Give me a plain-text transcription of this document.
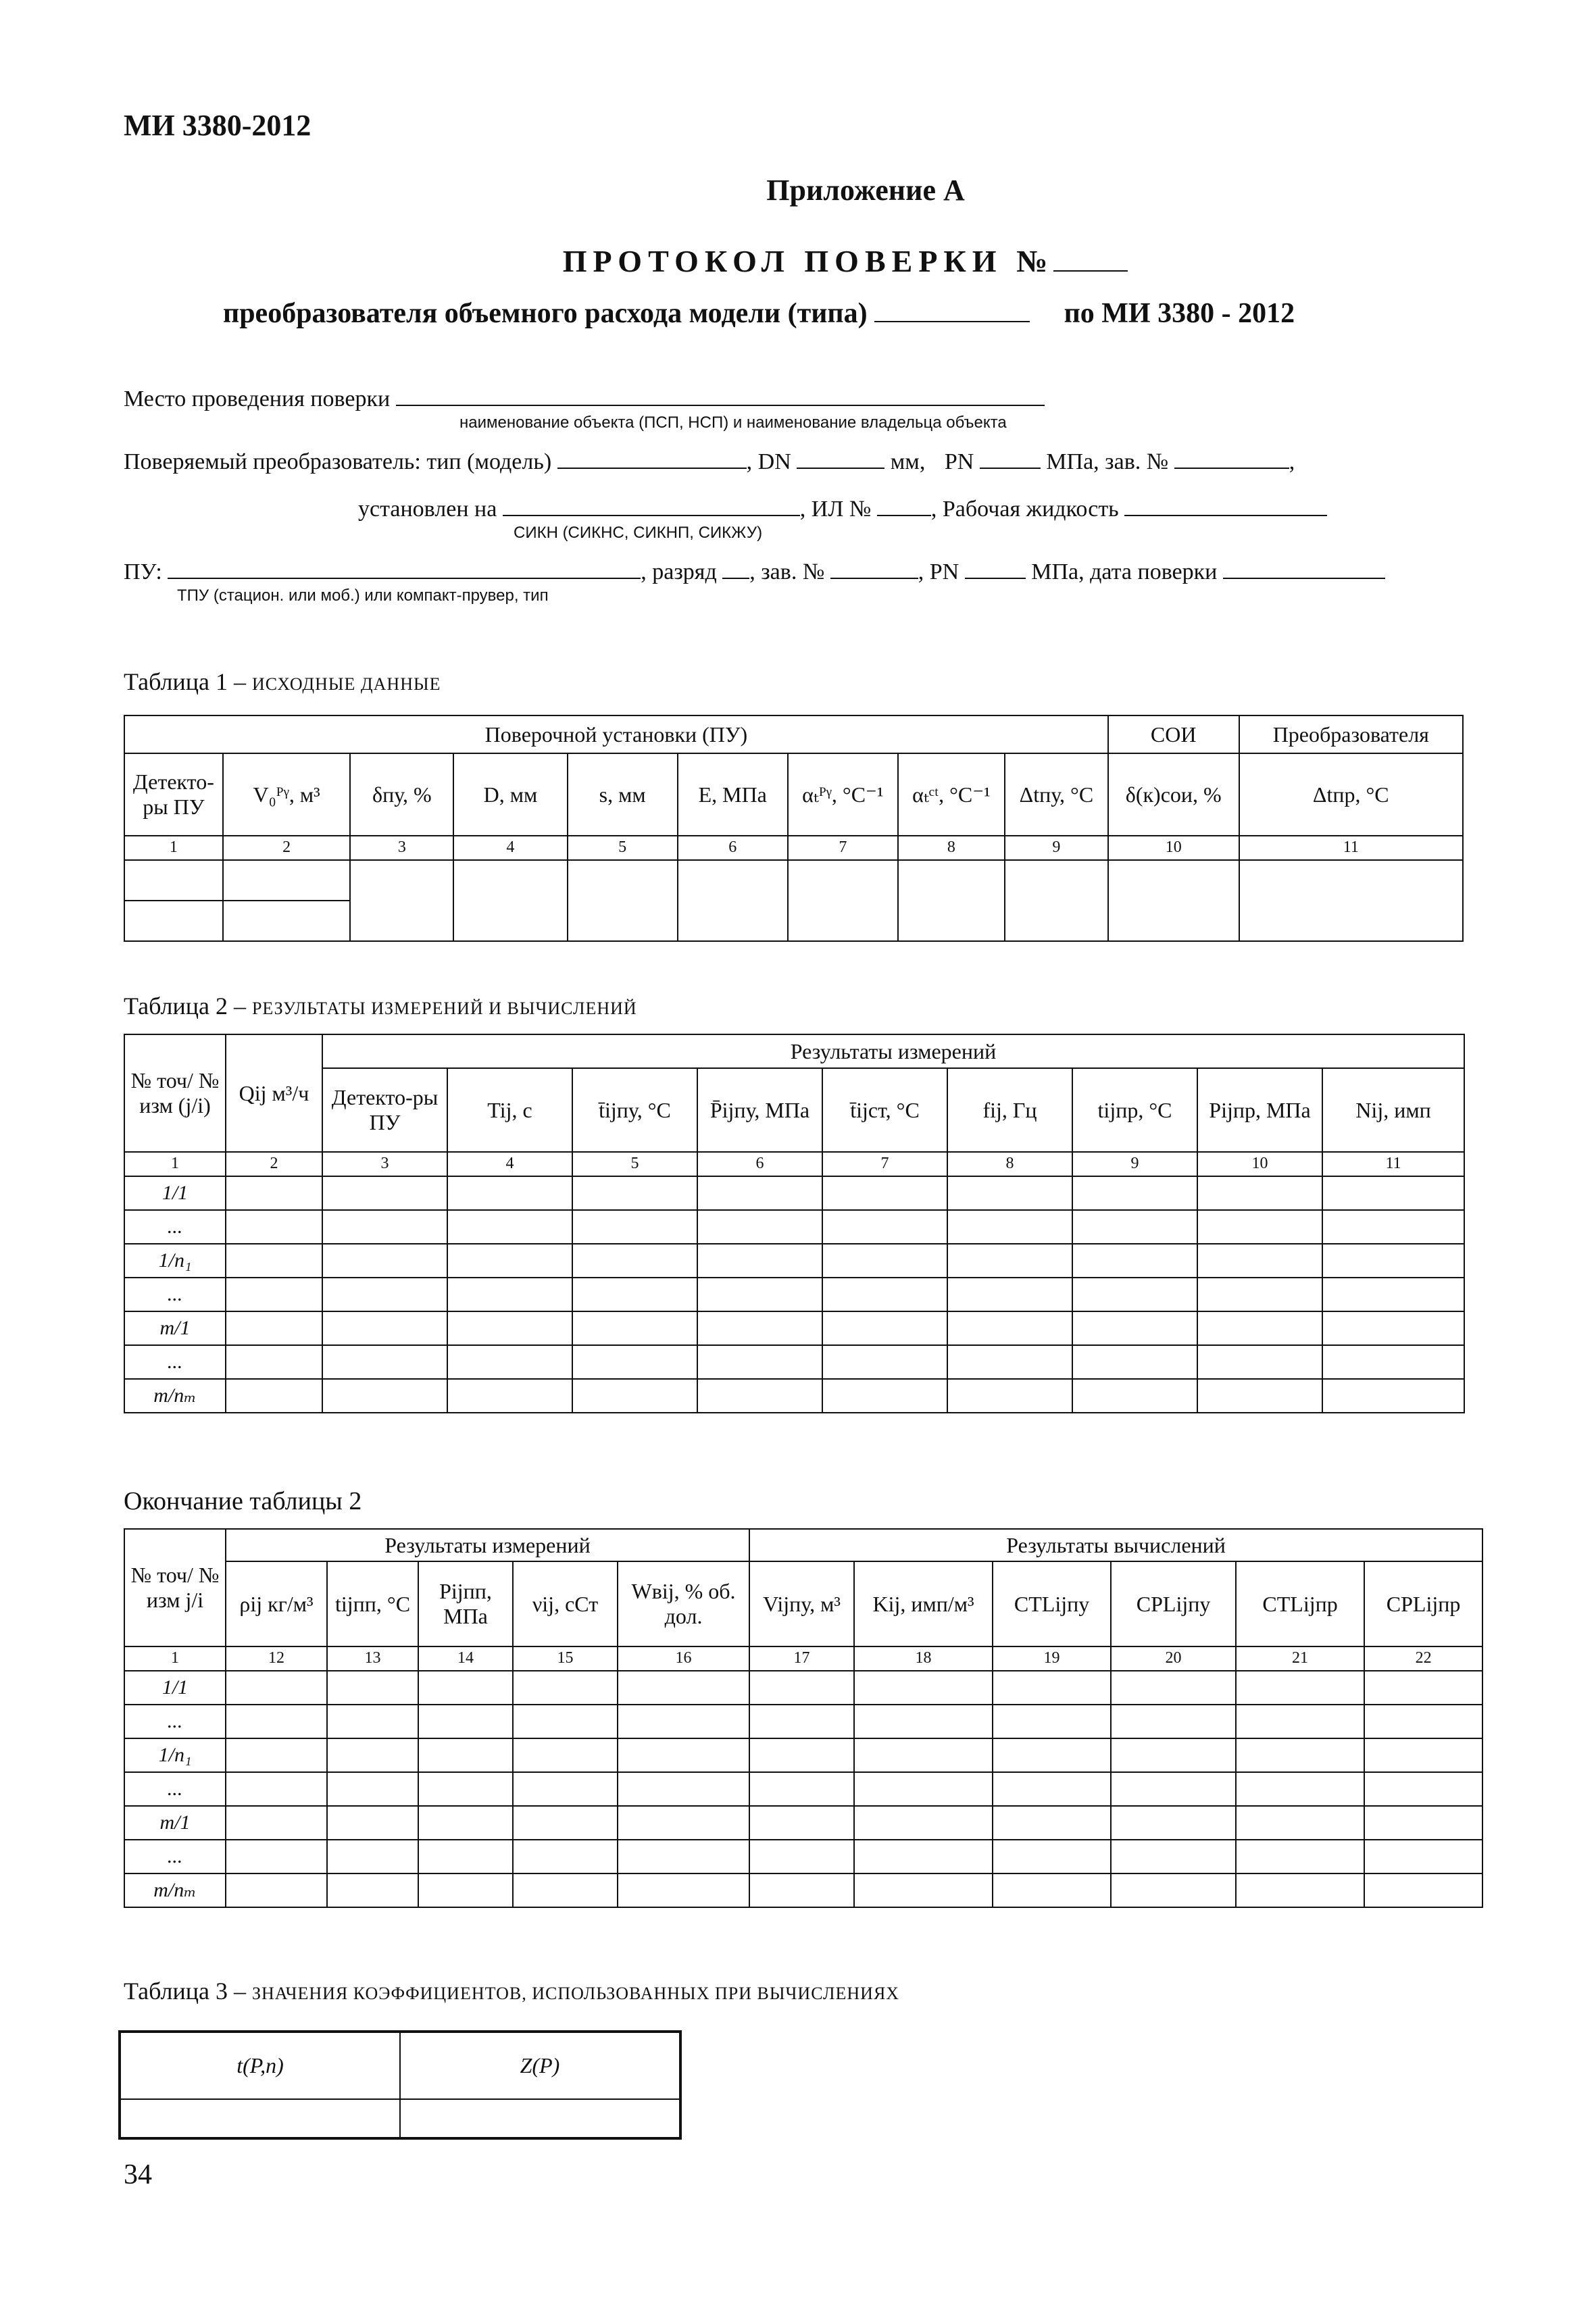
МИ 3380-2012
Приложение А
ПРОТОКОЛ ПОВЕРКИ №
преобразователя объемного расхода модели (типа)	по МИ 3380 - 2012
Место проведения поверки
наименование объекта (ПСП, НСП) и наименование владельца объекта
Поверяемый преобразователь: тип (модель)	, DN	мм, PN	МПа, зав. №	,
установлен на	, ИЛ №	, Рабочая жидкость
СИКН (СИКНС, СИКНП, СИКЖУ)
ПУ:	, разряд , зав. №	, PN	МПа, дата поверки
ТПУ (стацион. или моб.) или компакт-прувер, тип
Таблица 1 – ИСХОДНЫЕ ДАННЫЕ
Поверочной установки (ПУ)									СОИ	Преобразователя
Детекто-ры ПУ	V₀ᴾᵞ, м³	δпу, %	D, мм	s, мм	E, МПа	αₜᴾᵞ, °C⁻¹	αₜᶜᵗ, °C⁻¹	Δtпу, °C	δ(к)сои, %	Δtпр, °C
1	2	3	4	5	6	7	8	9	10	11

Таблица 2 – РЕЗУЛЬТАТЫ ИЗМЕРЕНИЙ И ВЫЧИСЛЕНИЙ
№ точ/ № изм (j/i)	Qij м³/ч	Результаты измерений								
		Детекто-ры ПУ	Tij, с	t̄ijпу, °C	P̄ijпу, МПа	t̄ijст, °C	fij, Гц	tijпр, °C	Pijпр, МПа	Nij, имп
1	2	3	4	5	6	7	8	9	10	11
1/1										
...										
1/n₁										
...										
m/1										
...										
m/nₘ										
Окончание таблицы 2
№ точ/ № изм j/i	Результаты измерений					Результаты вычислений					
	ρij кг/м³	tijпп, °C	Pijпп, МПа	νij, сСт	Wвij, % об. дол.	Vijпу, м³	Kij, имп/м³	CTLijпу	CPLijпу	CTLijпр	CPLijпр
1	12	13	14	15	16	17	18	19	20	21	22
1/1											
...											
1/n₁											
...											
m/1											
...											
m/nₘ											
Таблица 3 – ЗНАЧЕНИЯ КОЭФФИЦИЕНТОВ, ИСПОЛЬЗОВАННЫХ ПРИ ВЫЧИСЛЕНИЯХ
t(P,n)	Z(P)

34
